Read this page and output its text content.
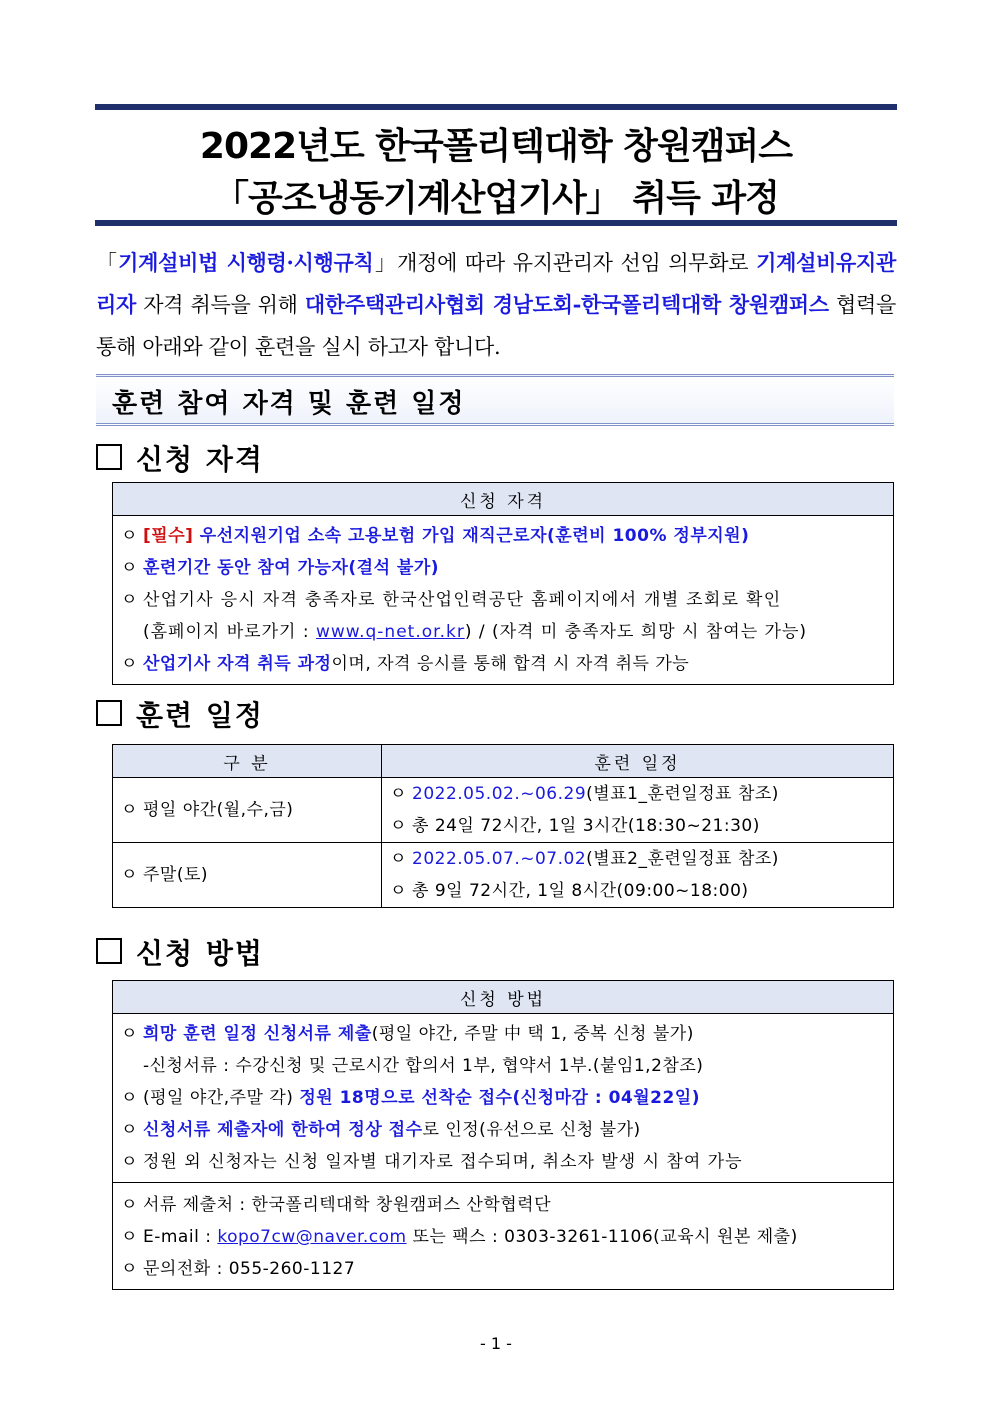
2022년도 한국폴리텍대학 창원캠퍼스
「공조냉동기계산업기사」 취득 과정
「기계설비법 시행령·시행규칙」개정에 따라 유지관리자 선임 의무화로 기계설비유지관리자 자격 취득을 위해 대한주택관리사협회 경남도회-한국폴리텍대학 창원캠퍼스 협력을 통해 아래와 같이 훈련을 실시 하고자 합니다.
훈련 참여 자격 및 훈련 일정
신청 자격
신청 자격

ㅇ [필수] 우선지원기업 소속 고용보험 가입 재직근로자(훈련비 100% 정부지원)
ㅇ 훈련기간 동안 참여 가능자(결석 불가)
ㅇ 산업기사 응시 자격 충족자로 한국산업인력공단 홈페이지에서 개별 조회로 확인
(홈페이지 바로가기 : www.q-net.or.kr) / (자격 미 충족자도 희망 시 참여는 가능)
ㅇ 산업기사 자격 취득 과정이며, 자격 응시를 통해 합격 시 자격 취득 가능
훈련 일정
구 분	훈련 일정

ㅇ 평일 야간(월,수,금)	ㅇ 2022.05.02.~06.29(별표1_훈련일정표 참조)
ㅇ 총 24일 72시간, 1일 3시간(18:30~21:30)

ㅇ 주말(토)	ㅇ 2022.05.07.~07.02(별표2_훈련일정표 참조)
ㅇ 총 9일 72시간, 1일 8시간(09:00~18:00)
신청 방법
신청 방법

ㅇ 희망 훈련 일정 신청서류 제출(평일 야간, 주말 中 택 1, 중복 신청 불가)
-신청서류 : 수강신청 및 근로시간 합의서 1부, 협약서 1부.(붙임1,2참조)
ㅇ (평일 야간,주말 각) 정원 18명으로 선착순 접수(신청마감 : 04월22일)
ㅇ 신청서류 제출자에 한하여 정상 접수로 인정(유선으로 신청 불가)
ㅇ 정원 외 신청자는 신청 일자별 대기자로 접수되며, 취소자 발생 시 참여 가능

ㅇ 서류 제출처 : 한국폴리텍대학 창원캠퍼스 산학협력단
ㅇ E-mail : kopo7cw@naver.com 또는 팩스 : 0303-3261-1106(교육시 원본 제출)
ㅇ 문의전화 : 055-260-1127
- 1 -
